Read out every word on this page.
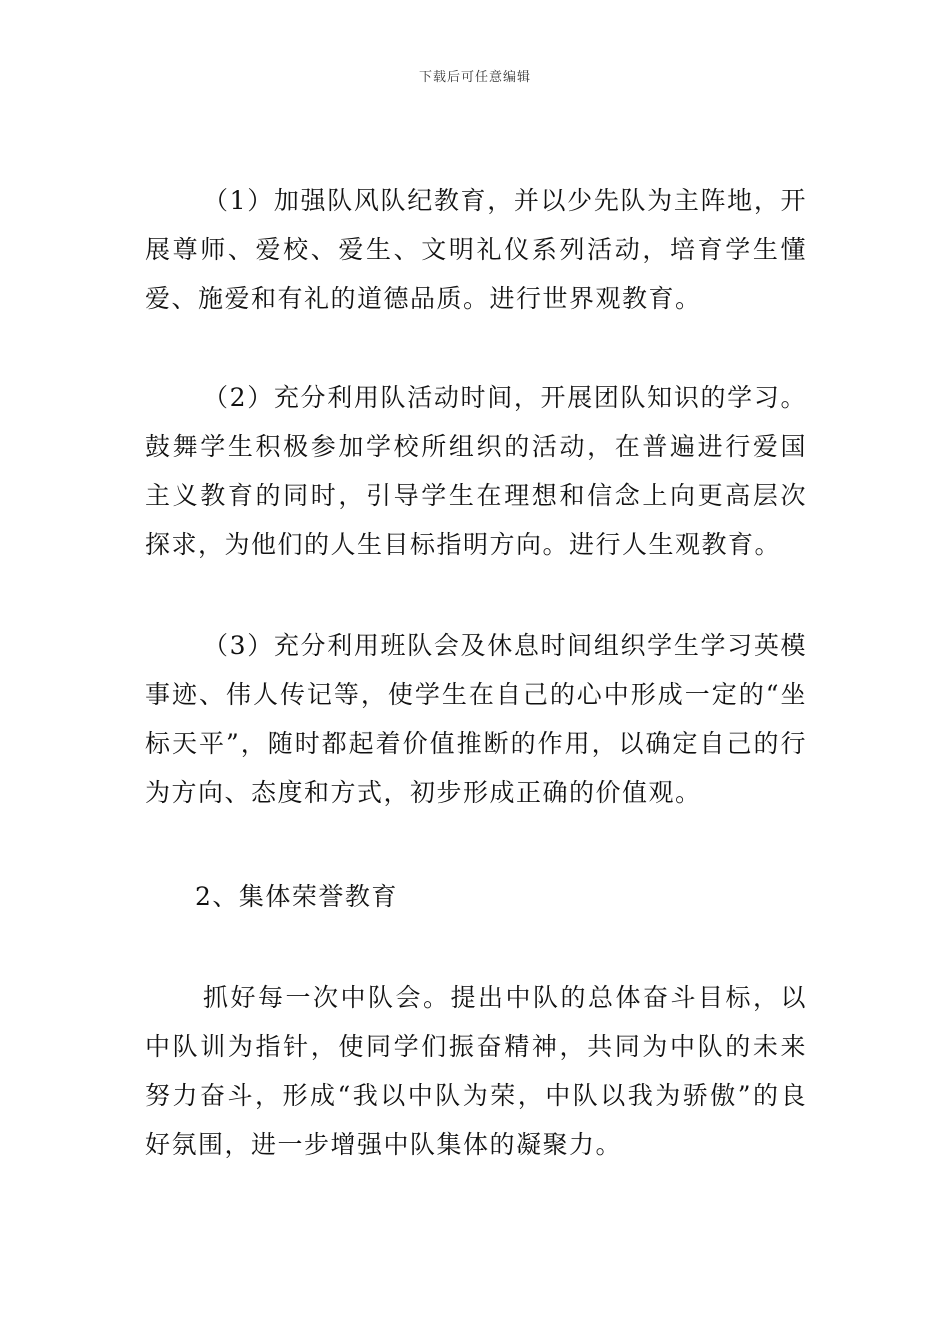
下载后可任意编辑

（1）加强队风队纪教育，并以少先队为主阵地，开展尊师、爱校、爱生、文明礼仪系列活动，培育学生懂爱、施爱和有礼的道德品质。进行世界观教育。

（2）充分利用队活动时间，开展团队知识的学习。鼓舞学生积极参加学校所组织的活动，在普遍进行爱国主义教育的同时，引导学生在理想和信念上向更高层次探求，为他们的人生目标指明方向。进行人生观教育。

（3）充分利用班队会及休息时间组织学生学习英模事迹、伟人传记等，使学生在自己的心中形成一定的“坐标天平”，随时都起着价值推断的作用，以确定自己的行为方向、态度和方式，初步形成正确的价值观。

2、集体荣誉教育

抓好每一次中队会。提出中队的总体奋斗目标，以中队训为指针，使同学们振奋精神，共同为中队的未来努力奋斗，形成“我以中队为荣，中队以我为骄傲”的良好氛围，进一步增强中队集体的凝聚力。
